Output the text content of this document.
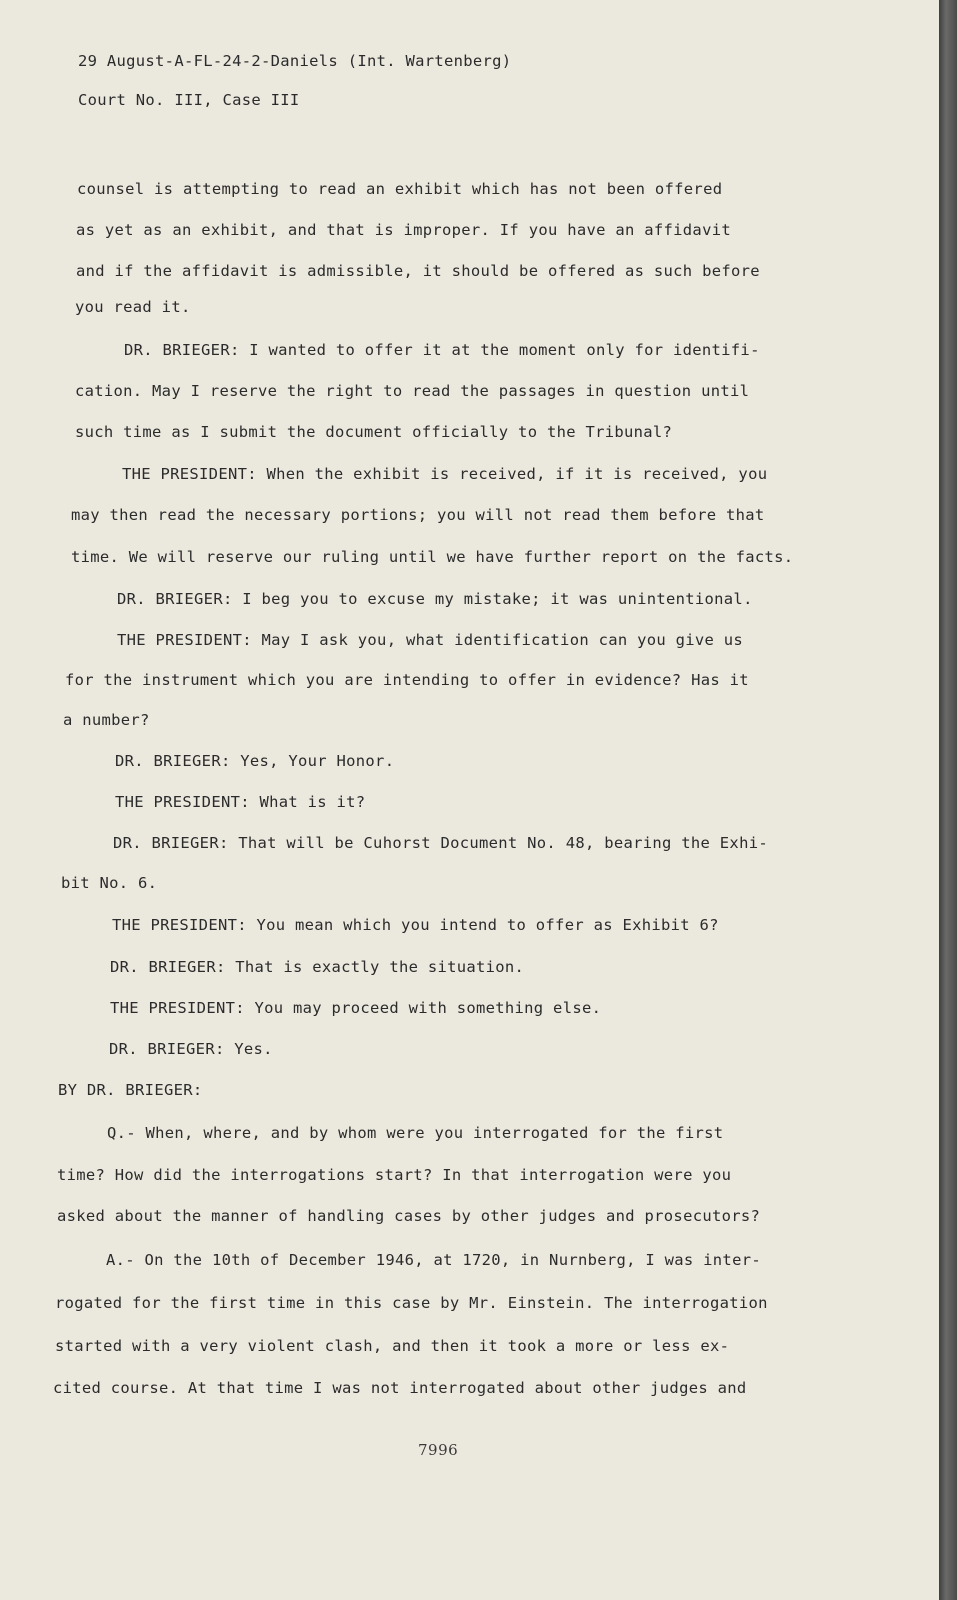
29 August-A-FL-24-2-Daniels (Int. Wartenberg)
Court No. III, Case III
counsel is attempting to read an exhibit which has not been offered
as yet as an exhibit, and that is improper. If you have an affidavit
and if the affidavit is admissible, it should be offered as such before
you read it.
DR. BRIEGER: I wanted to offer it at the moment only for identifi-
cation. May I reserve the right to read the passages in question until
such time as I submit the document officially to the Tribunal?
THE PRESIDENT: When the exhibit is received, if it is received, you
may then read the necessary portions; you will not read them before that
time. We will reserve our ruling until we have further report on the facts.
DR. BRIEGER: I beg you to excuse my mistake; it was unintentional.
THE PRESIDENT: May I ask you, what identification can you give us
for the instrument which you are intending to offer in evidence? Has it
a number?
DR. BRIEGER: Yes, Your Honor.
THE PRESIDENT: What is it?
DR. BRIEGER: That will be Cuhorst Document No. 48, bearing the Exhi-
bit No. 6.
THE PRESIDENT: You mean which you intend to offer as Exhibit 6?
DR. BRIEGER: That is exactly the situation.
THE PRESIDENT: You may proceed with something else.
DR. BRIEGER: Yes.
BY DR. BRIEGER:
Q.- When, where, and by whom were you interrogated for the first
time? How did the interrogations start? In that interrogation were you
asked about the manner of handling cases by other judges and prosecutors?
A.- On the 10th of December 1946, at 1720, in Nurnberg, I was inter-
rogated for the first time in this case by Mr. Einstein. The interrogation
started with a very violent clash, and then it took a more or less ex-
cited course. At that time I was not interrogated about other judges and
7996
